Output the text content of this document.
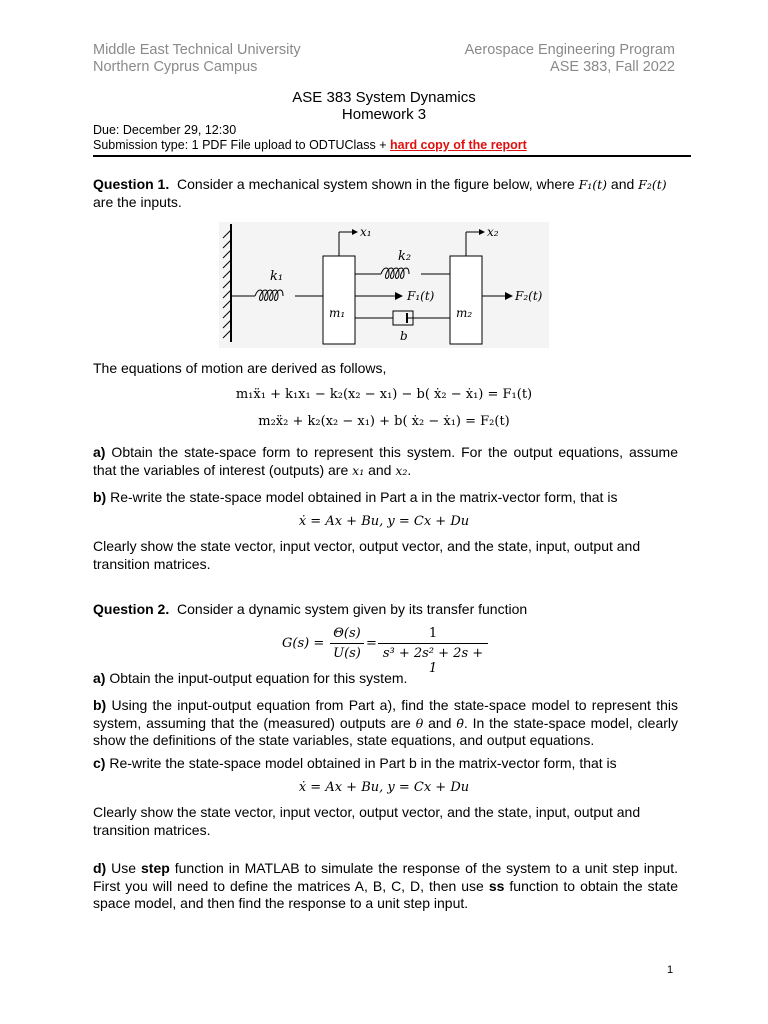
Middle East Technical University
Northern Cyprus Campus
Aerospace Engineering Program
ASE 383, Fall 2022
ASE 383 System Dynamics
Homework 3
Due: December 29, 12:30
Submission type: 1 PDF File upload to ODTUClass + hard copy of the report
Question 1. Consider a mechanical system shown in the figure below, where F₁(t) and F₂(t)
are the inputs.
k₁
m₁
x₁
k₂
F₁(t)
b
m₂
x₂
F₂(t)
The equations of motion are derived as follows,
m₁ẍ₁ + k₁x₁ − k₂(x₂ − x₁) − b( ẋ₂ − ẋ₁) = F₁(t)
m₂ẍ₂ + k₂(x₂ − x₁) + b( ẋ₂ − ẋ₁) = F₂(t)
a) Obtain the state-space form to represent this system. For the output equations, assume that the variables of interest (outputs) are x₁ and x₂.
b) Re-write the state-space model obtained in Part a in the matrix-vector form, that is
ẋ = Ax + Bu, y = Cx + Du
Clearly show the state vector, input vector, output vector, and the state, input, output and transition matrices.
Question 2. Consider a dynamic system given by its transfer function
G(s) =
Θ(s)
U(s)
=
1
s³ + 2s² + 2s + 1
a) Obtain the input-output equation for this system.
b) Using the input-output equation from Part a), find the state-space model to represent this system, assuming that the (measured) outputs are θ and θ̇. In the state-space model, clearly show the definitions of the state variables, state equations, and output equations.
c) Re-write the state-space model obtained in Part b in the matrix-vector form, that is
ẋ = Ax + Bu, y = Cx + Du
Clearly show the state vector, input vector, output vector, and the state, input, output and transition matrices.
d) Use step function in MATLAB to simulate the response of the system to a unit step input. First you will need to define the matrices A, B, C, D, then use ss function to obtain the state space model, and then find the response to a unit step input.
1
